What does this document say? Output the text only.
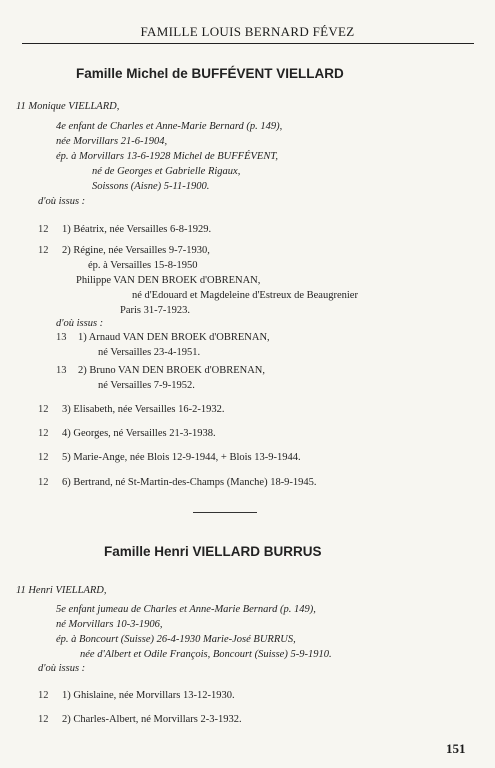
FAMILLE LOUIS BERNARD FÉVEZ
Famille Michel de BUFFÉVENT VIELLARD
11 Monique VIELLARD,
4e enfant de Charles et Anne-Marie Bernard (p. 149),
née Morvillars 21-6-1904,
ép. à Morvillars 13-6-1928 Michel de BUFFÉVENT,
né de Georges et Gabrielle Rigaux,
Soissons (Aisne) 5-11-1900.
d'où issus :
12 1) Béatrix, née Versailles 6-8-1929.
12 2) Régine, née Versailles 9-7-1930,
ép. à Versailles 15-8-1950
Philippe VAN DEN BROEK d'OBRENAN,
né d'Edouard et Magdeleine d'Estreux de Beaugrenier
Paris 31-7-1923.
d'où issus :
13 1) Arnaud VAN DEN BROEK d'OBRENAN,
né Versailles 23-4-1951.
13 2) Bruno VAN DEN BROEK d'OBRENAN,
né Versailles 7-9-1952.
12 3) Elisabeth, née Versailles 16-2-1932.
12 4) Georges, né Versailles 21-3-1938.
12 5) Marie-Ange, née Blois 12-9-1944, + Blois 13-9-1944.
12 6) Bertrand, né St-Martin-des-Champs (Manche) 18-9-1945.
Famille Henri VIELLARD BURRUS
11 Henri VIELLARD,
5e enfant jumeau de Charles et Anne-Marie Bernard (p. 149),
né Morvillars 10-3-1906,
ép. à Boncourt (Suisse) 26-4-1930 Marie-José BURRUS,
née d'Albert et Odile François, Boncourt (Suisse) 5-9-1910.
d'où issus :
12 1) Ghislaine, née Morvillars 13-12-1930.
12 2) Charles-Albert, né Morvillars 2-3-1932.
151
